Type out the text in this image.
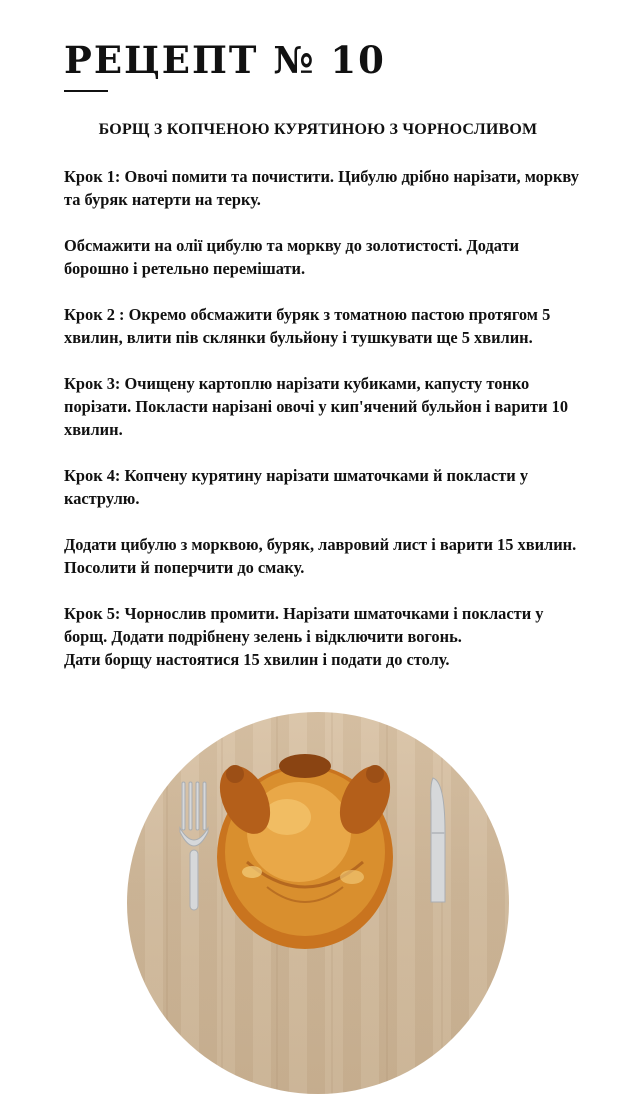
РЕЦЕПТ № 10
БОРЩ З КОПЧЕНОЮ КУРЯТИНОЮ З ЧОРНОСЛИВОМ

Крок 1: Овочі помити та почистити. Цибулю дрібно нарізати, моркву та буряк натерти на терку.

Обсмажити на олії цибулю та моркву до золотистості. Додати борошно і ретельно перемішати.

Крок 2 : Окремо обсмажити буряк з томатною пастою протягом 5 хвилин, влити пів склянки бульйону і тушкувати ще 5 хвилин.

Крок 3: Очищену картоплю нарізати кубиками, капусту тонко порізати. Покласти нарізані овочі у кип'ячений бульйон і варити 10 хвилин.

Крок 4: Копчену курятину нарізати шматочками й покласти у каструлю.

Додати цибулю з морквою, буряк, лавровий лист і варити 15 хвилин. Посолити й поперчити до смаку.

Крок 5: Чорнослив промити. Нарізати шматочками і покласти у борщ. Додати подрібнену зелень і відключити вогонь.

Дати борщу настоятися 15 хвилин і подати до столу.
